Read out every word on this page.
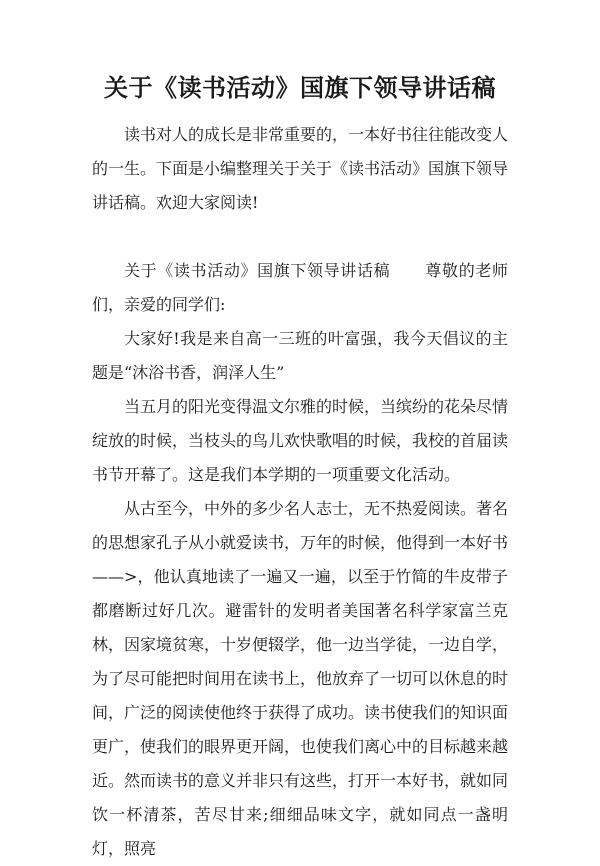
关于《读书活动》国旗下领导讲话稿

读书对人的成长是非常重要的，一本好书往往能改变人的一生。下面是小编整理关于关于《读书活动》国旗下领导讲话稿。欢迎大家阅读!

关于《读书活动》国旗下领导讲话稿 尊敬的老师们，亲爱的同学们:

大家好!我是来自高一三班的叶富强，我今天倡议的主题是“沐浴书香，润泽人生”

当五月的阳光变得温文尔雅的时候，当缤纷的花朵尽情绽放的时候，当枝头的鸟儿欢快歌唱的时候，我校的首届读书节开幕了。这是我们本学期的一项重要文化活动。

从古至今，中外的多少名人志士，无不热爱阅读。著名的思想家孔子从小就爱读书，万年的时候，他得到一本好书——>，他认真地读了一遍又一遍，以至于竹简的牛皮带子都磨断过好几次。避雷针的发明者美国著名科学家富兰克林，因家境贫寒，十岁便辍学，他一边当学徒，一边自学，为了尽可能把时间用在读书上，他放弃了一切可以休息的时间，广泛的阅读使他终于获得了成功。读书使我们的知识面更广，使我们的眼界更开阔，也使我们离心中的目标越来越近。然而读书的意义并非只有这些，打开一本好书，就如同饮一杯清茶，苦尽甘来;细细品味文字，就如同点一盏明灯，照亮
